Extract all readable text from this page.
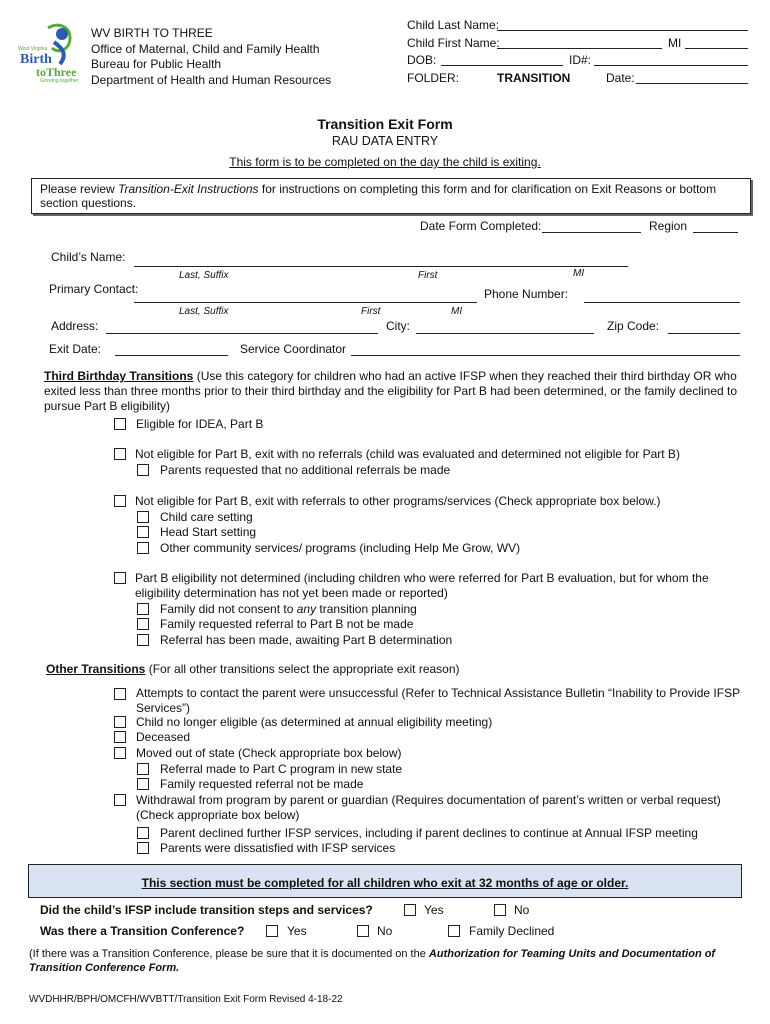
West Virginia
Birth
toThree
Growing together
WV BIRTH TO THREE
Office of Maternal, Child and Family Health
Bureau for Public Health
Department of Health and Human Resources
Child Last Name:
Child First Name:	MI
DOB:	ID#:
FOLDER:	TRANSITION	Date:
Transition Exit Form
RAU DATA ENTRY
This form is to be completed on the day the child is exiting.
Please review Transition-Exit Instructions for instructions on completing this form and for clarification on Exit Reasons or bottom section questions.
Date Form Completed:	Region
Child’s Name:
Last, Suffix	First	MI
Primary Contact:	Phone Number:
Last, Suffix	First	MI
Address:	City:	Zip Code:
Exit Date:	Service Coordinator
Third Birthday Transitions (Use this category for children who had an active IFSP when they reached their third birthday OR who exited less than three months prior to their third birthday and the eligibility for Part B had been determined, or the family declined to pursue Part B eligibility)
Eligible for IDEA, Part B
Not eligible for Part B, exit with no referrals (child was evaluated and determined not eligible for Part B)
Parents requested that no additional referrals be made
Not eligible for Part B, exit with referrals to other programs/services (Check appropriate box below.)
Child care setting
Head Start setting
Other community services/ programs (including Help Me Grow, WV)
Part B eligibility not determined (including children who were referred for Part B evaluation, but for whom the eligibility determination has not yet been made or reported)
Family did not consent to any transition planning
Family requested referral to Part B not be made
Referral has been made, awaiting Part B determination
Other Transitions (For all other transitions select the appropriate exit reason)
Attempts to contact the parent were unsuccessful (Refer to Technical Assistance Bulletin “Inability to Provide IFSP Services”)
Child no longer eligible (as determined at annual eligibility meeting)
Deceased
Moved out of state (Check appropriate box below)
Referral made to Part C program in new state
Family requested referral not be made
Withdrawal from program by parent or guardian (Requires documentation of parent’s written or verbal request) (Check appropriate box below)
Parent declined further IFSP services, including if parent declines to continue at Annual IFSP meeting
Parents were dissatisfied with IFSP services
This section must be completed for all children who exit at 32 months of age or older.
Did the child’s IFSP include transition steps and services?	Yes	No
Was there a Transition Conference?	Yes	No	Family Declined
(If there was a Transition Conference, please be sure that it is documented on the Authorization for Teaming Units and Documentation of Transition Conference Form.
WVDHHR/BPH/OMCFH/WVBTT/Transition Exit Form Revised 4-18-22
